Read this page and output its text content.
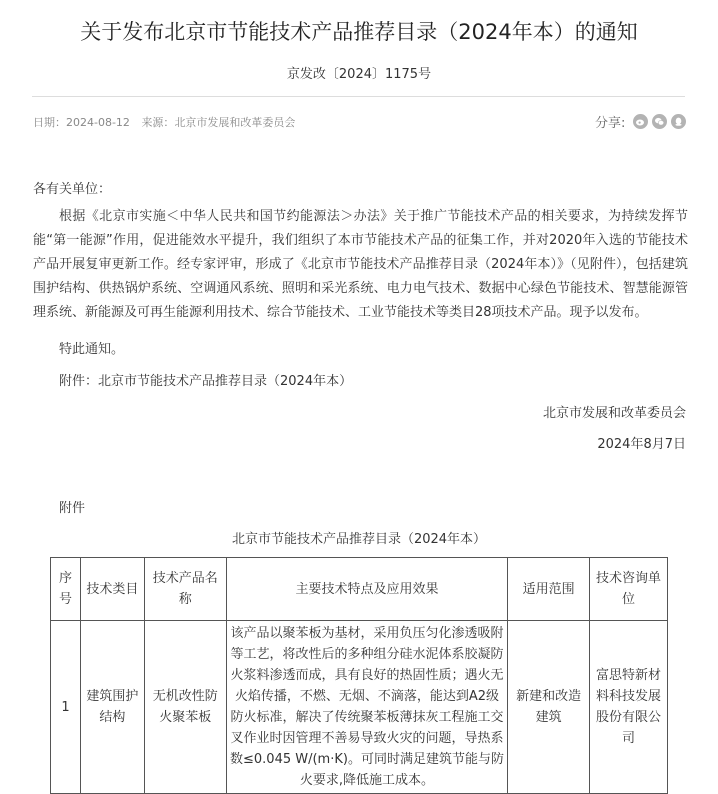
关于发布北京市节能技术产品推荐目录（2024年本）的通知
京发改〔2024〕1175号
日期：2024-08-12 来源：北京市发展和改革委员会	分享:
各有关单位：
根据《北京市实施＜中华人民共和国节约能源法＞办法》关于推广节能技术产品的相关要求，为持续发挥节能“第一能源”作用，促进能效水平提升，我们组织了本市节能技术产品的征集工作，并对2020年入选的节能技术产品开展复审更新工作。经专家评审，形成了《北京市节能技术产品推荐目录（2024年本）》（见附件），包括建筑围护结构、供热锅炉系统、空调通风系统、照明和采光系统、电力电气技术、数据中心绿色节能技术、智慧能源管理系统、新能源及可再生能源利用技术、综合节能技术、工业节能技术等类目28项技术产品。现予以发布。
特此通知。
附件：北京市节能技术产品推荐目录（2024年本）
北京市发展和改革委员会
2024年8月7日
附件
北京市节能技术产品推荐目录（2024年本）
序号	技术类目	技术产品名称	主要技术特点及应用效果	适用范围	技术咨询单位
1	建筑围护结构	无机改性防火聚苯板	该产品以聚苯板为基材，采用负压匀化渗透吸附等工艺，将改性后的多种组分硅水泥体系胶凝防火浆料渗透而成，具有良好的热固性质；遇火无火焰传播，不燃、无烟、不滴落，能达到A2级防火标准，解决了传统聚苯板薄抹灰工程施工交叉作业时因管理不善易导致火灾的问题，导热系数≤0.045 W/(m·K)。可同时满足建筑节能与防火要求,降低施工成本。	新建和改造建筑	富思特新材料科技发展股份有限公司
